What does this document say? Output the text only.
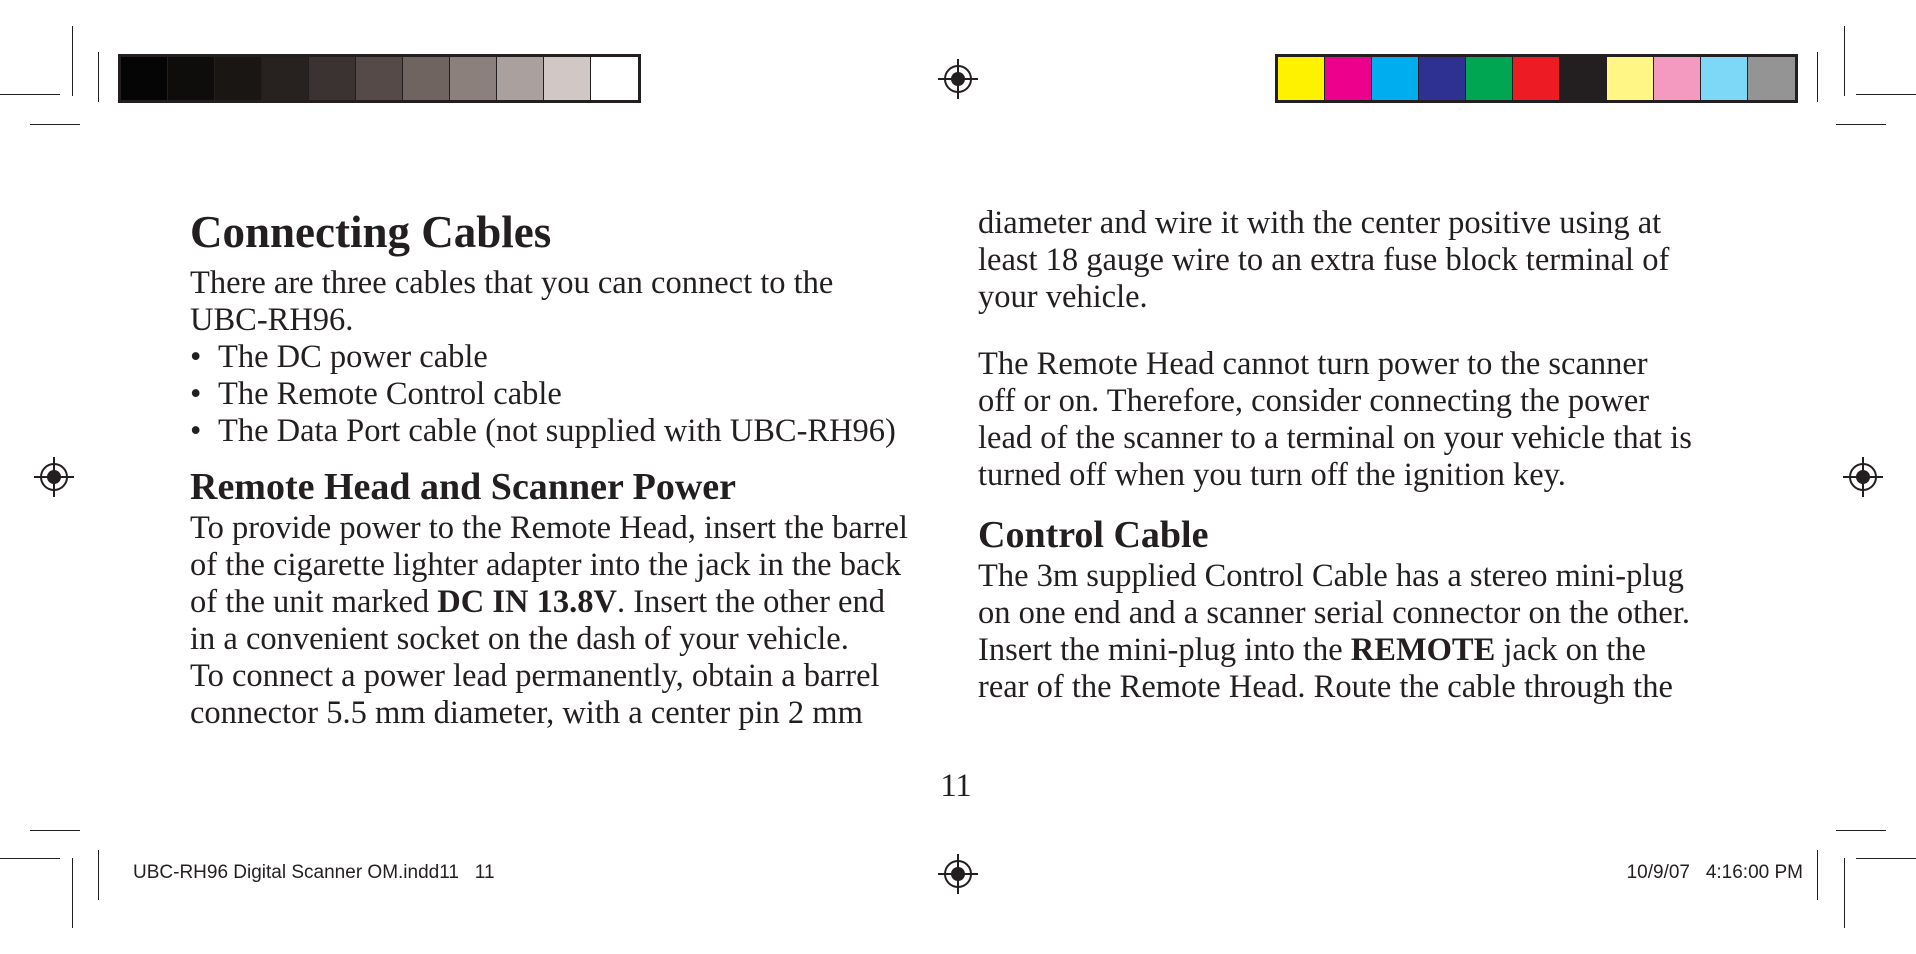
Connecting Cables

There are three cables that you can connect to the
UBC-RH96.

• The DC power cable
• The Remote Control cable
• The Data Port cable (not supplied with UBC-RH96)
Remote Head and Scanner Power

To provide power to the Remote Head, insert the barrel
of the cigarette lighter adapter into the jack in the back
of the unit marked DC IN 13.8V. Insert the other end
in a convenient socket on the dash of your vehicle.

To connect a power lead permanently, obtain a barrel
connector 5.5 mm diameter, with a center pin 2 mm

diameter and wire it with the center positive using at
least 18 gauge wire to an extra fuse block terminal of
your vehicle.

The Remote Head cannot turn power to the scanner
off or on. Therefore, consider connecting the power
lead of the scanner to a terminal on your vehicle that is
turned off when you turn off the ignition key.

Control Cable

The 3m supplied Control Cable has a stereo mini-plug
on one end and a scanner serial connector on the other.
Insert the mini-plug into the REMOTE jack on the
rear of the Remote Head. Route the cable through the

11
UBC-RH96 Digital Scanner OM.indd11   11	10/9/07   4:16:00 PM
